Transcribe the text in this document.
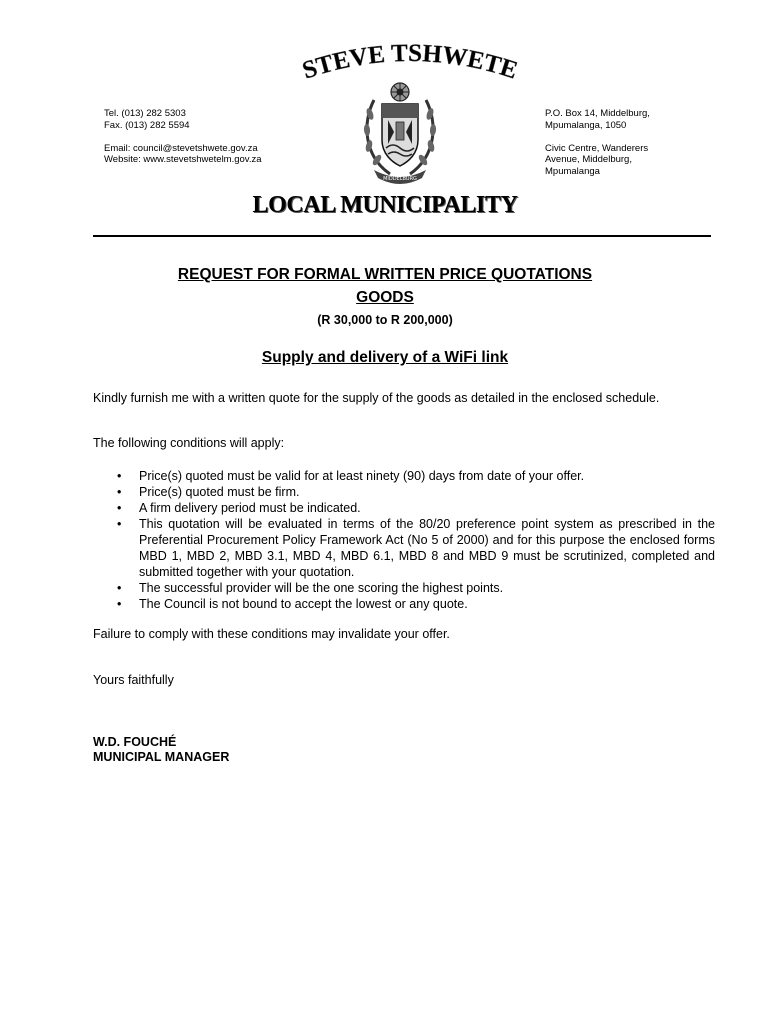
STEVE TSHWETE
Tel. (013) 282 5303
Fax. (013) 282 5594
Email: council@stevetshwete.gov.za
Website: www.stevetshwetelm.gov.za
P.O. Box 14, Middelburg,
Mpumalanga, 1050
Civic Centre, Wanderers
Avenue, Middelburg,
Mpumalanga
MIDDELBURG
LOCAL MUNICIPALITY
REQUEST FOR FORMAL WRITTEN PRICE QUOTATIONS
GOODS
(R 30,000 to R 200,000)
Supply and delivery of a WiFi link
Kindly furnish me with a written quote for the supply of the goods as detailed in the enclosed schedule.
The following conditions will apply:
• Price(s) quoted must be valid for at least ninety (90) days from date of your offer.
• Price(s) quoted must be firm.
• A firm delivery period must be indicated.
• This quotation will be evaluated in terms of the 80/20 preference point system as prescribed in the Preferential Procurement Policy Framework Act (No 5 of 2000) and for this purpose the enclosed forms MBD 1, MBD 2, MBD 3.1, MBD 4, MBD 6.1, MBD 8 and MBD 9 must be scrutinized, completed and submitted together with your quotation.
• The successful provider will be the one scoring the highest points.
• The Council is not bound to accept the lowest or any quote.
Failure to comply with these conditions may invalidate your offer.
Yours faithfully
W.D. FOUCHÉ
MUNICIPAL MANAGER
